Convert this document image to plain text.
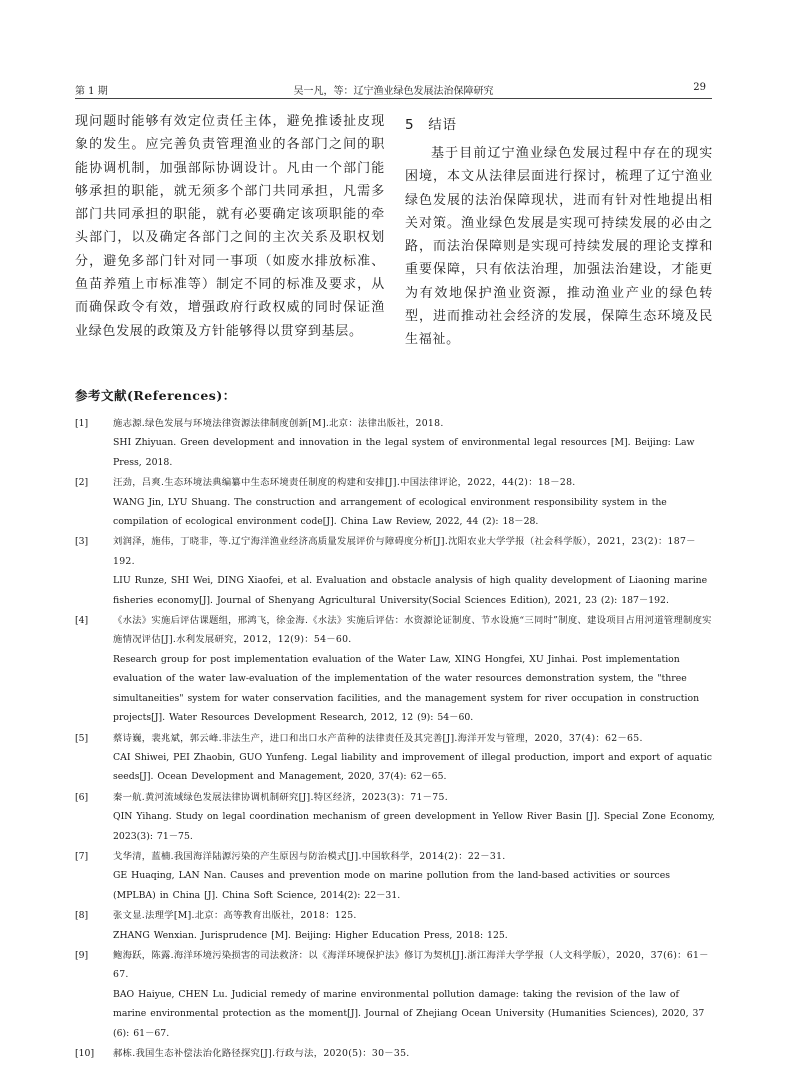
第 1 期	吴一凡，等：辽宁渔业绿色发展法治保障研究	29

现问题时能够有效定位责任主体，避免推诿扯皮现象的发生。应完善负责管理渔业的各部门之间的职能协调机制，加强部际协调设计。凡由一个部门能够承担的职能，就无须多个部门共同承担，凡需多部门共同承担的职能，就有必要确定该项职能的牵头部门，以及确定各部门之间的主次关系及职权划分，避免多部门针对同一事项（如废水排放标准、鱼苗养殖上市标准等）制定不同的标准及要求，从而确保政令有效，增强政府行政权威的同时保证渔业绿色发展的政策及方针能够得以贯穿到基层。

5 结语

基于目前辽宁渔业绿色发展过程中存在的现实困境，本文从法律层面进行探讨，梳理了辽宁渔业绿色发展的法治保障现状，进而有针对性地提出相关对策。渔业绿色发展是实现可持续发展的必由之路，而法治保障则是实现可持续发展的理论支撑和重要保障，只有依法治理，加强法治建设，才能更为有效地保护渔业资源，推动渔业产业的绿色转型，进而推动社会经济的发展，保障生态环境及民生福祉。

参考文献(References)：
[1]	施志源.绿色发展与环境法律资源法律制度创新[M].北京：法律出版社，2018.
SHI Zhiyuan. Green development and innovation in the legal system of environmental legal resources [M]. Beijing: Law Press, 2018.
[2]	汪劲，吕爽.生态环境法典编纂中生态环境责任制度的构建和安排[J].中国法律评论，2022，44(2)：18－28.
WANG Jin, LYU Shuang. The construction and arrangement of ecological environment responsibility system in the compilation of ecological environment code[J]. China Law Review, 2022, 44 (2): 18－28.
[3]	刘润泽，施伟，丁晓非，等.辽宁海洋渔业经济高质量发展评价与障碍度分析[J].沈阳农业大学学报（社会科学版），2021，23(2)：187－192.
LIU Runze, SHI Wei, DING Xiaofei, et al. Evaluation and obstacle analysis of high quality development of Liaoning marine fisheries economy[J]. Journal of Shenyang Agricultural University(Social Sciences Edition), 2021, 23 (2): 187－192.
[4]	《水法》实施后评估课题组，邢鸿飞，徐金海.《水法》实施后评估：水资源论证制度、节水设施“三同时”制度、建设项目占用河道管理制度实施情况评估[J].水利发展研究，2012，12(9)：54－60.
Research group for post implementation evaluation of the Water Law, XING Hongfei, XU Jinhai. Post implementation evaluation of the water law-evaluation of the implementation of the water resources demonstration system, the "three simultaneities" system for water conservation facilities, and the management system for river occupation in construction projects[J]. Water Resources Development Research, 2012, 12 (9): 54－60.
[5]	蔡诗巍，裴兆斌，郭云峰.非法生产，进口和出口水产苗种的法律责任及其完善[J].海洋开发与管理，2020，37(4)：62－65.
CAI Shiwei, PEI Zhaobin, GUO Yunfeng. Legal liability and improvement of illegal production, import and export of aquatic seeds[J]. Ocean Development and Management, 2020, 37(4): 62－65.
[6]	秦一航.黄河流域绿色发展法律协调机制研究[J].特区经济，2023(3)：71－75.
QIN Yihang. Study on legal coordination mechanism of green development in Yellow River Basin [J]. Special Zone Economy, 2023(3): 71－75.
[7]	戈华清，蓝楠.我国海洋陆源污染的产生原因与防治模式[J].中国软科学，2014(2)：22－31.
GE Huaqing, LAN Nan. Causes and prevention mode on marine pollution from the land-based activities or sources (MPLBA) in China [J]. China Soft Science, 2014(2): 22－31.
[8]	张文显.法理学[M].北京：高等教育出版社，2018：125.
ZHANG Wenxian. Jurisprudence [M]. Beijing: Higher Education Press, 2018: 125.
[9]	鲍海跃，陈露.海洋环境污染损害的司法救济：以《海洋环境保护法》修订为契机[J].浙江海洋大学学报（人文科学版），2020，37(6)：61－67.
BAO Haiyue, CHEN Lu. Judicial remedy of marine environmental pollution damage: taking the revision of the law of marine environmental protection as the moment[J]. Journal of Zhejiang Ocean University (Humanities Sciences), 2020, 37 (6): 61－67.
[10] 郝栋.我国生态补偿法治化路径探究[J].行政与法，2020(5)：30－35.
